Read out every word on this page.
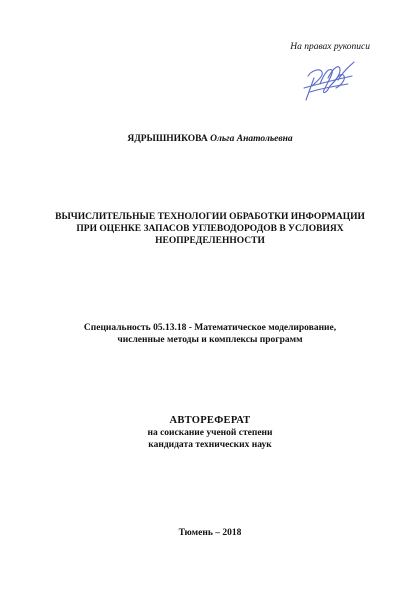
На правах рукописи
ЯДРЫШНИКОВА Ольга Анатольевна
ВЫЧИСЛИТЕЛЬНЫЕ ТЕХНОЛОГИИ ОБРАБОТКИ ИНФОРМАЦИИ
ПРИ ОЦЕНКЕ ЗАПАСОВ УГЛЕВОДОРОДОВ В УСЛОВИЯХ
НЕОПРЕДЕЛЕННОСТИ
Специальность 05.13.18 - Математическое моделирование,
численные методы и комплексы программ
АВТОРЕФЕРАТ
на соискание ученой степени
кандидата технических наук
Тюмень – 2018
